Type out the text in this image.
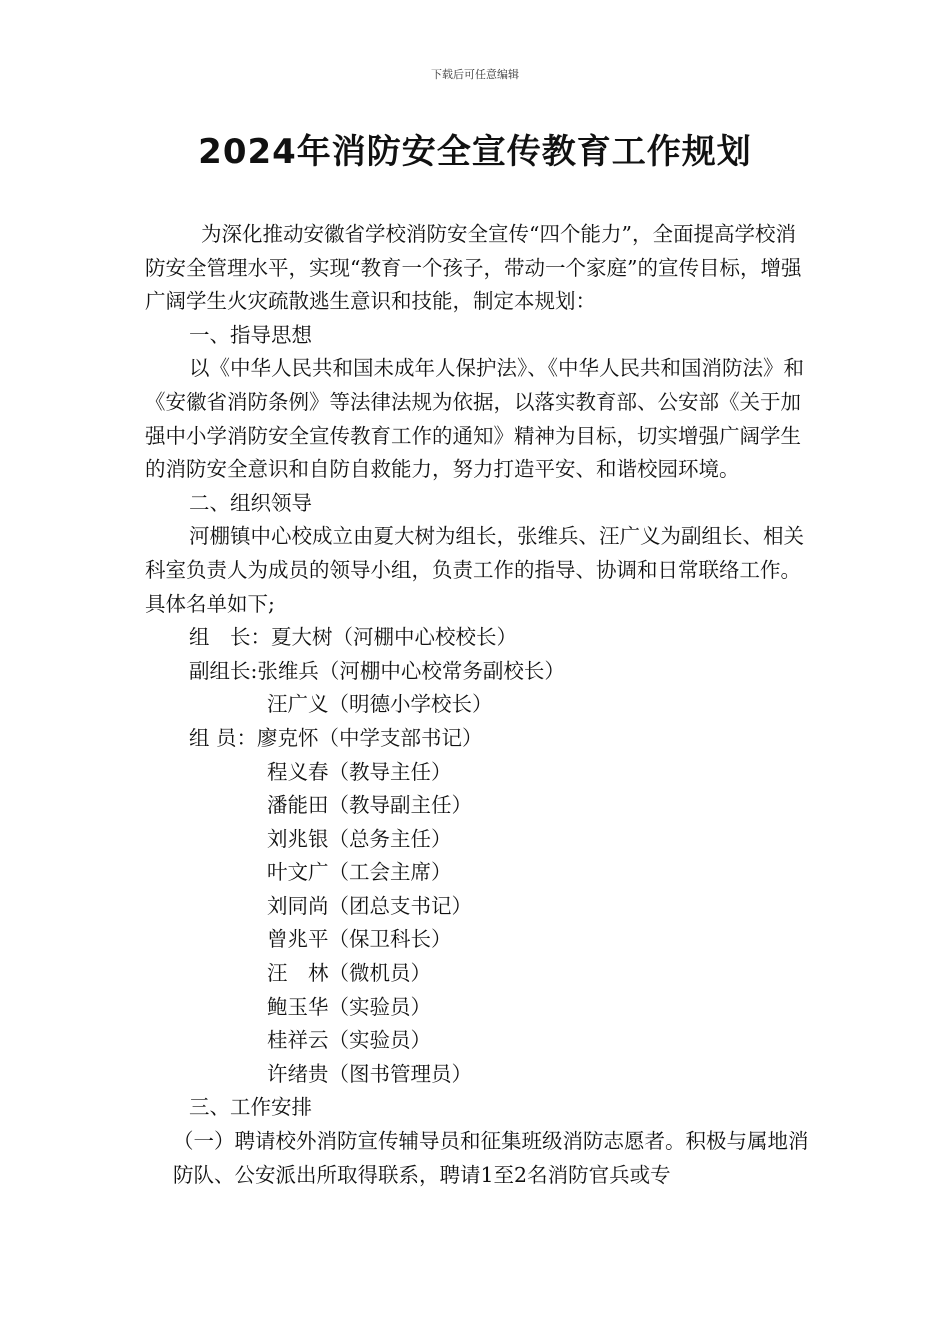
下载后可任意编辑
2024年消防安全宣传教育工作规划

为深化推动安徽省学校消防安全宣传“四个能力”，全面提高学校消防安全管理水平，实现“教育一个孩子，带动一个家庭”的宣传目标，增强广阔学生火灾疏散逃生意识和技能，制定本规划：

一、指导思想

以《中华人民共和国未成年人保护法》、《中华人民共和国消防法》和《安徽省消防条例》等法律法规为依据，以落实教育部、公安部《关于加强中小学消防安全宣传教育工作的通知》精神为目标，切实增强广阔学生的消防安全意识和自防自救能力，努力打造平安、和谐校园环境。

二、组织领导

河棚镇中心校成立由夏大树为组长，张维兵、汪广义为副组长、相关科室负责人为成员的领导小组，负责工作的指导、协调和日常联络工作。具体名单如下;

组　长：夏大树（河棚中心校校长）

副组长:张维兵（河棚中心校常务副校长）

汪广义（明德小学校长）

组 员：廖克怀（中学支部书记）

程义春（教导主任）

潘能田（教导副主任）

刘兆银（总务主任）

叶文广（工会主席）

刘同尚（团总支书记）

曾兆平（保卫科长）

汪　林（微机员）

鲍玉华（实验员）

桂祥云（实验员）

许绪贵（图书管理员）

三、工作安排

（一）聘请校外消防宣传辅导员和征集班级消防志愿者。积极与属地消防队、公安派出所取得联系，聘请1至2名消防官兵或专
